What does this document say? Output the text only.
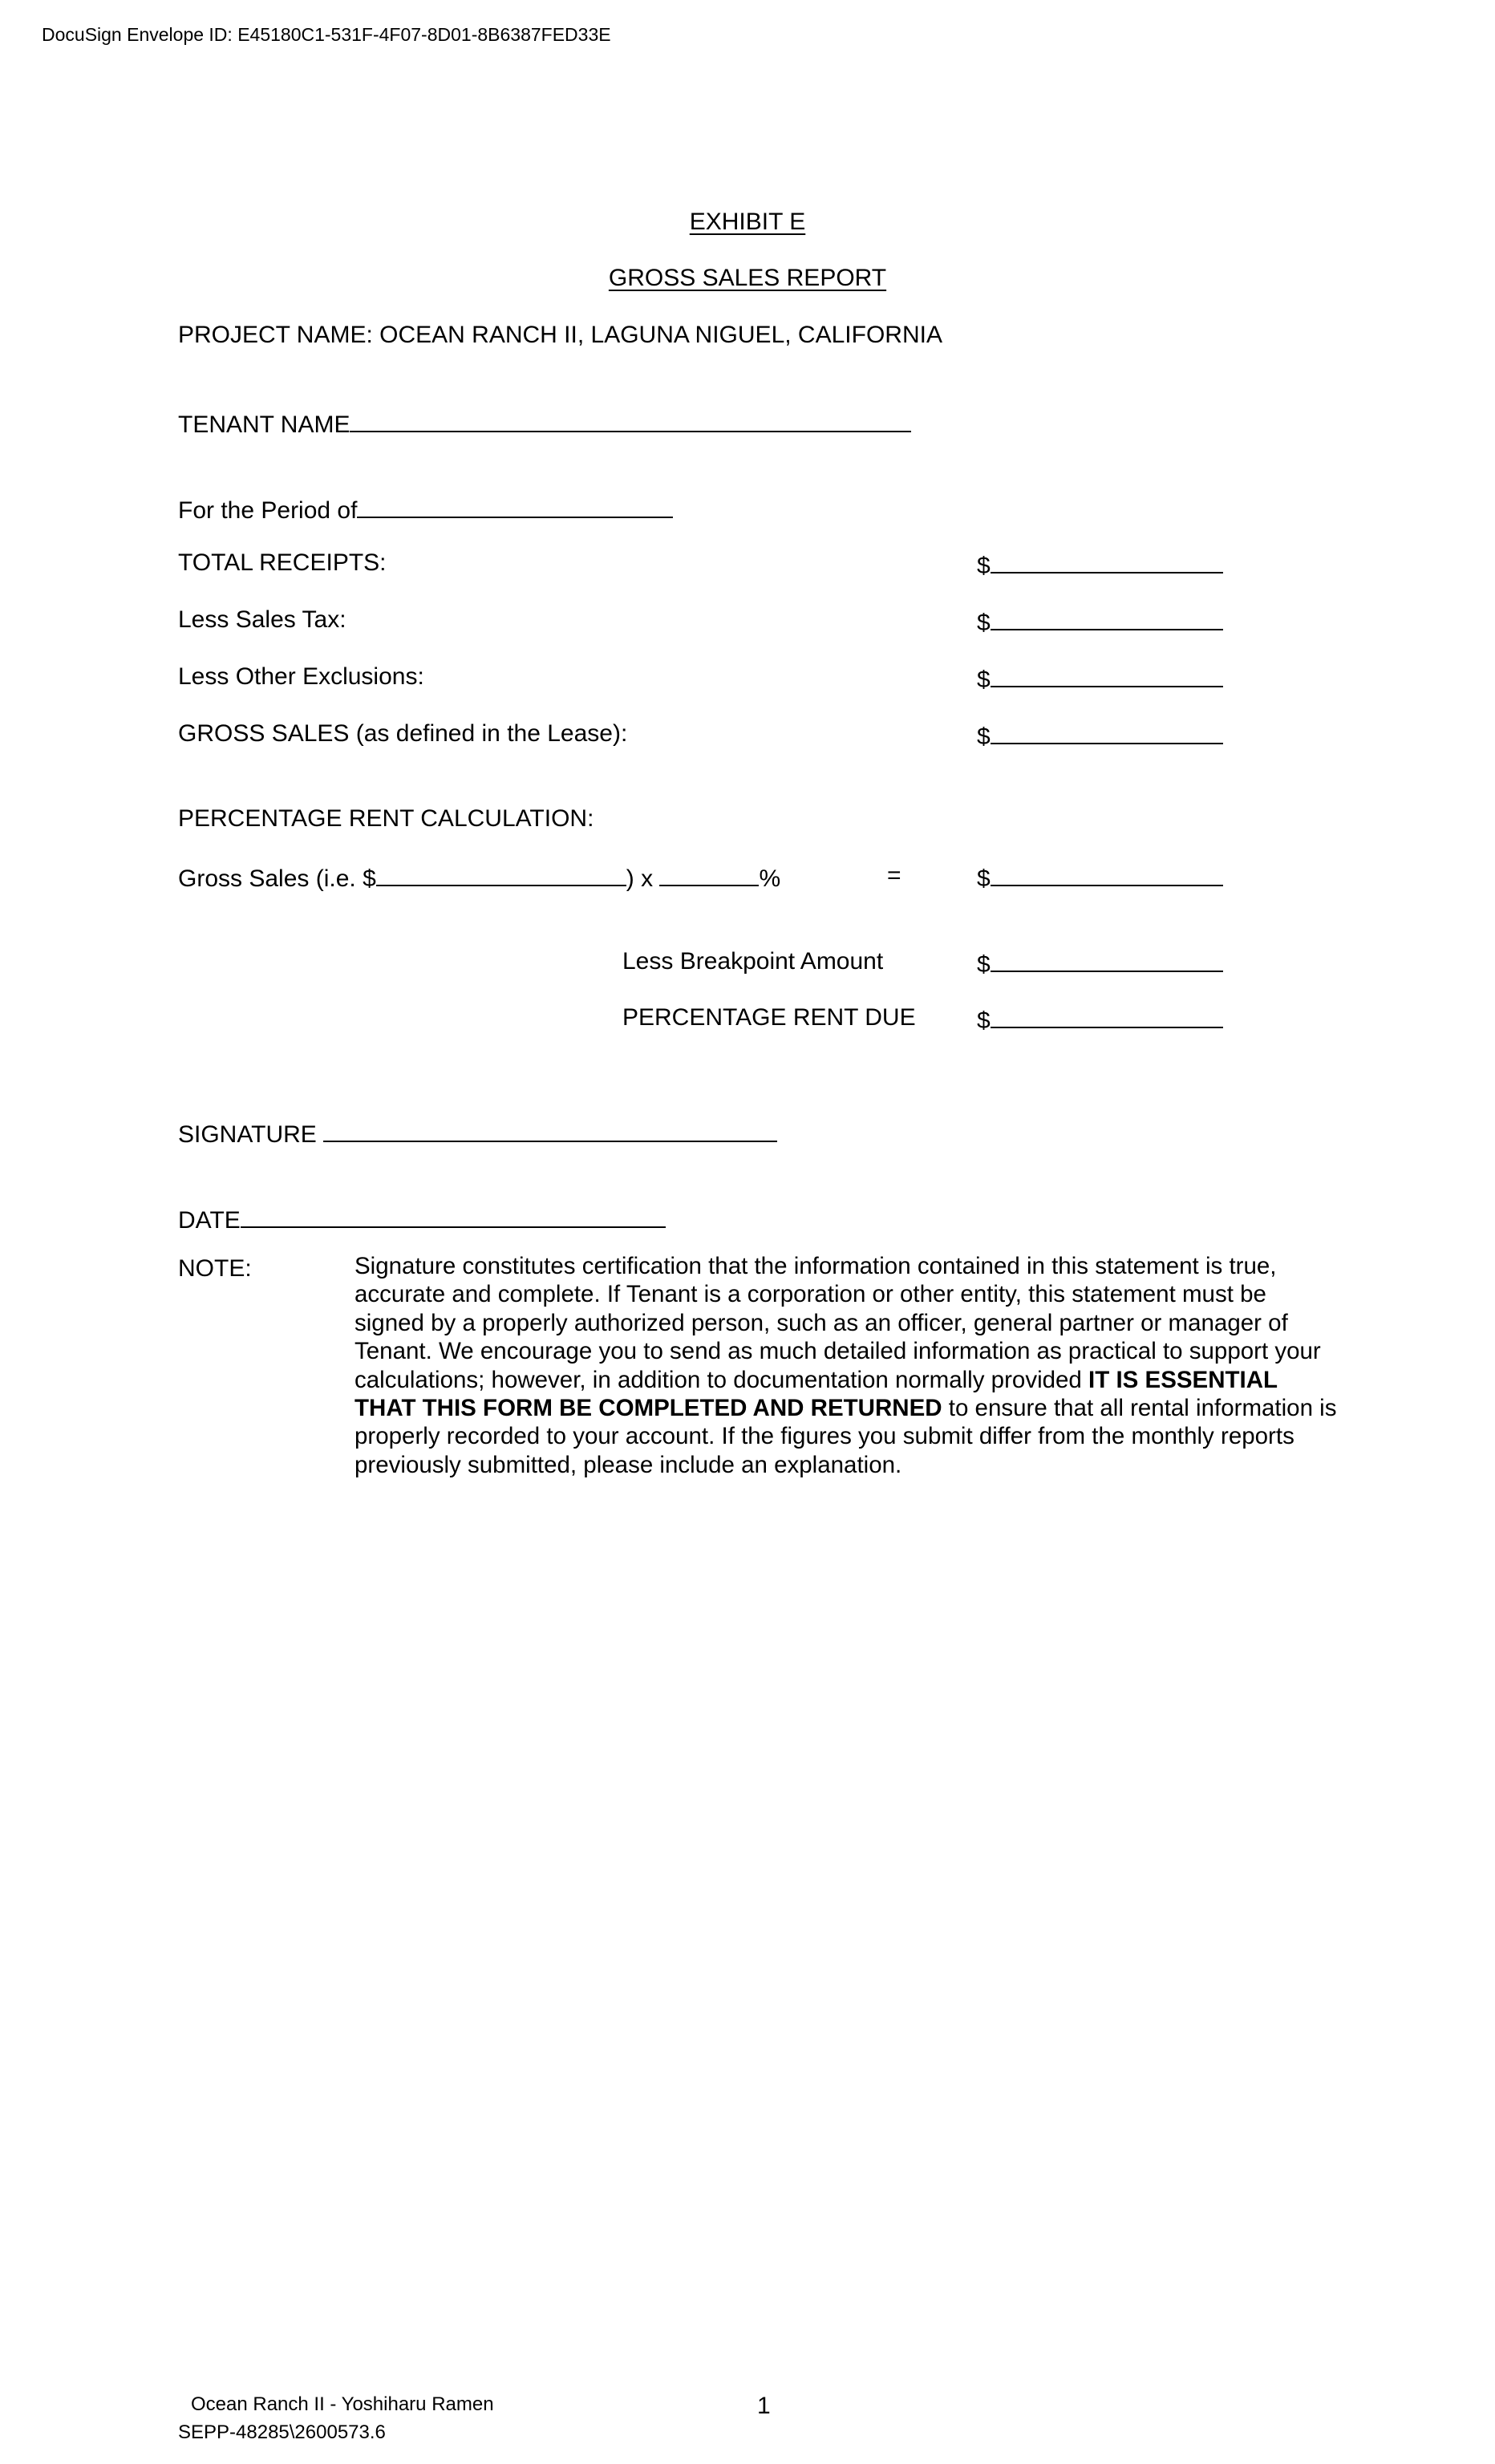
DocuSign Envelope ID: E45180C1-531F-4F07-8D01-8B6387FED33E
EXHIBIT E
GROSS SALES REPORT
PROJECT NAME: OCEAN RANCH II, LAGUNA NIGUEL, CALIFORNIA
TENANT NAME
For the Period of
TOTAL RECEIPTS:	$
Less Sales Tax:	$
Less Other Exclusions:	$
GROSS SALES (as defined in the Lease):	$
PERCENTAGE RENT CALCULATION:
Gross Sales (i.e. $	) x	%	=	$
Less Breakpoint Amount	$
PERCENTAGE RENT DUE	$
SIGNATURE
DATE
NOTE:	Signature constitutes certification that the information contained in this statement is true, accurate and complete. If Tenant is a corporation or other entity, this statement must be signed by a properly authorized person, such as an officer, general partner or manager of Tenant. We encourage you to send as much detailed information as practical to support your calculations; however, in addition to documentation normally provided IT IS ESSENTIAL THAT THIS FORM BE COMPLETED AND RETURNED to ensure that all rental information is properly recorded to your account. If the figures you submit differ from the monthly reports previously submitted, please include an explanation.
Ocean Ranch II - Yoshiharu Ramen
SEPP-48285\2600573.6
1
